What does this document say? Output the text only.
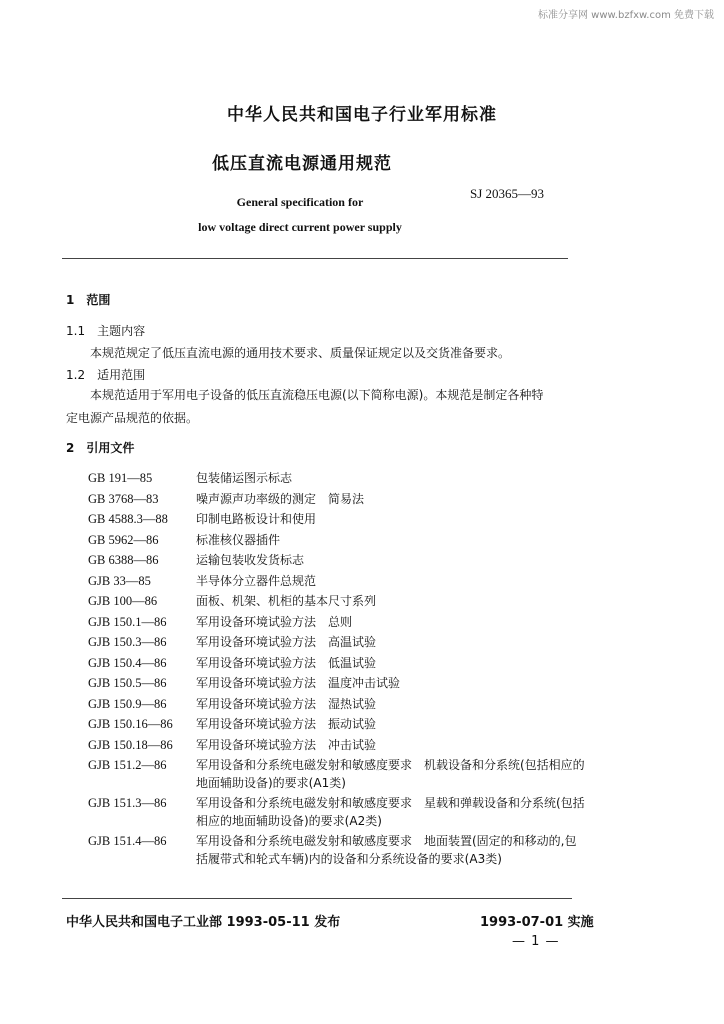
标准分享网 www.bzfxw.com 免费下载
中华人民共和国电子行业军用标准
低压直流电源通用规范
SJ 20365—93
General specification for
low voltage direct current power supply
1　范围
1.1　主题内容
本规范规定了低压直流电源的通用技术要求、质量保证规定以及交货准备要求。
1.2　适用范围
本规范适用于军用电子设备的低压直流稳压电源(以下简称电源)。本规范是制定各种特
定电源产品规范的依据。
2　引用文件
GB 191—85	包装储运图示标志
GB 3768—83	噪声源声功率级的测定　简易法
GB 4588.3—88	印制电路板设计和使用
GB 5962—86	标准核仪器插件
GB 6388—86	运输包装收发货标志
GJB 33—85	半导体分立器件总规范
GJB 100—86	面板、机架、机柜的基本尺寸系列
GJB 150.1—86	军用设备环境试验方法　总则
GJB 150.3—86	军用设备环境试验方法　高温试验
GJB 150.4—86	军用设备环境试验方法　低温试验
GJB 150.5—86	军用设备环境试验方法　温度冲击试验
GJB 150.9—86	军用设备环境试验方法　湿热试验
GJB 150.16—86	军用设备环境试验方法　振动试验
GJB 150.18—86	军用设备环境试验方法　冲击试验
GJB 151.2—86	军用设备和分系统电磁发射和敏感度要求　机载设备和分系统(包括相应的地面辅助设备)的要求(A1类)
GJB 151.3—86	军用设备和分系统电磁发射和敏感度要求　星载和弹载设备和分系统(包括相应的地面辅助设备)的要求(A2类)
GJB 151.4—86	军用设备和分系统电磁发射和敏感度要求　地面装置(固定的和移动的,包括履带式和轮式车辆)内的设备和分系统设备的要求(A3类)
中华人民共和国电子工业部 1993-05-11 发布	1993-07-01 实施
— 1 —
